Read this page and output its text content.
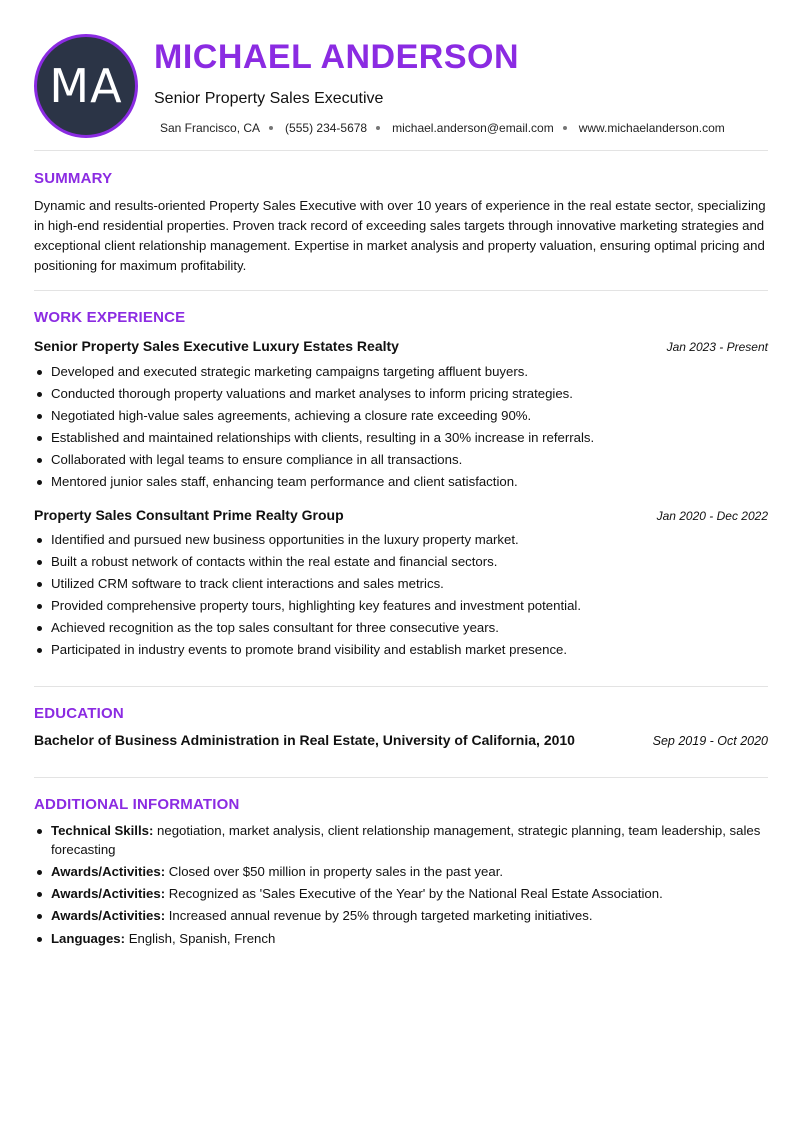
MA
MICHAEL ANDERSON
Senior Property Sales Executive
San Francisco, CA (555) 234-5678 michael.anderson@email.com www.michaelanderson.com
SUMMARY
Dynamic and results-oriented Property Sales Executive with over 10 years of experience in the real estate sector, specializing in high-end residential properties. Proven track record of exceeding sales targets through innovative marketing strategies and exceptional client relationship management. Expertise in market analysis and property valuation, ensuring optimal pricing and positioning for maximum profitability.
WORK EXPERIENCE
Senior Property Sales Executive Luxury Estates Realty	Jan 2023 - Present
Developed and executed strategic marketing campaigns targeting affluent buyers.
Conducted thorough property valuations and market analyses to inform pricing strategies.
Negotiated high-value sales agreements, achieving a closure rate exceeding 90%.
Established and maintained relationships with clients, resulting in a 30% increase in referrals.
Collaborated with legal teams to ensure compliance in all transactions.
Mentored junior sales staff, enhancing team performance and client satisfaction.
Property Sales Consultant Prime Realty Group	Jan 2020 - Dec 2022
Identified and pursued new business opportunities in the luxury property market.
Built a robust network of contacts within the real estate and financial sectors.
Utilized CRM software to track client interactions and sales metrics.
Provided comprehensive property tours, highlighting key features and investment potential.
Achieved recognition as the top sales consultant for three consecutive years.
Participated in industry events to promote brand visibility and establish market presence.
EDUCATION
Bachelor of Business Administration in Real Estate, University of California, 2010	Sep 2019 - Oct 2020
ADDITIONAL INFORMATION
Technical Skills: negotiation, market analysis, client relationship management, strategic planning, team leadership, sales forecasting
Awards/Activities: Closed over $50 million in property sales in the past year.
Awards/Activities: Recognized as 'Sales Executive of the Year' by the National Real Estate Association.
Awards/Activities: Increased annual revenue by 25% through targeted marketing initiatives.
Languages: English, Spanish, French
